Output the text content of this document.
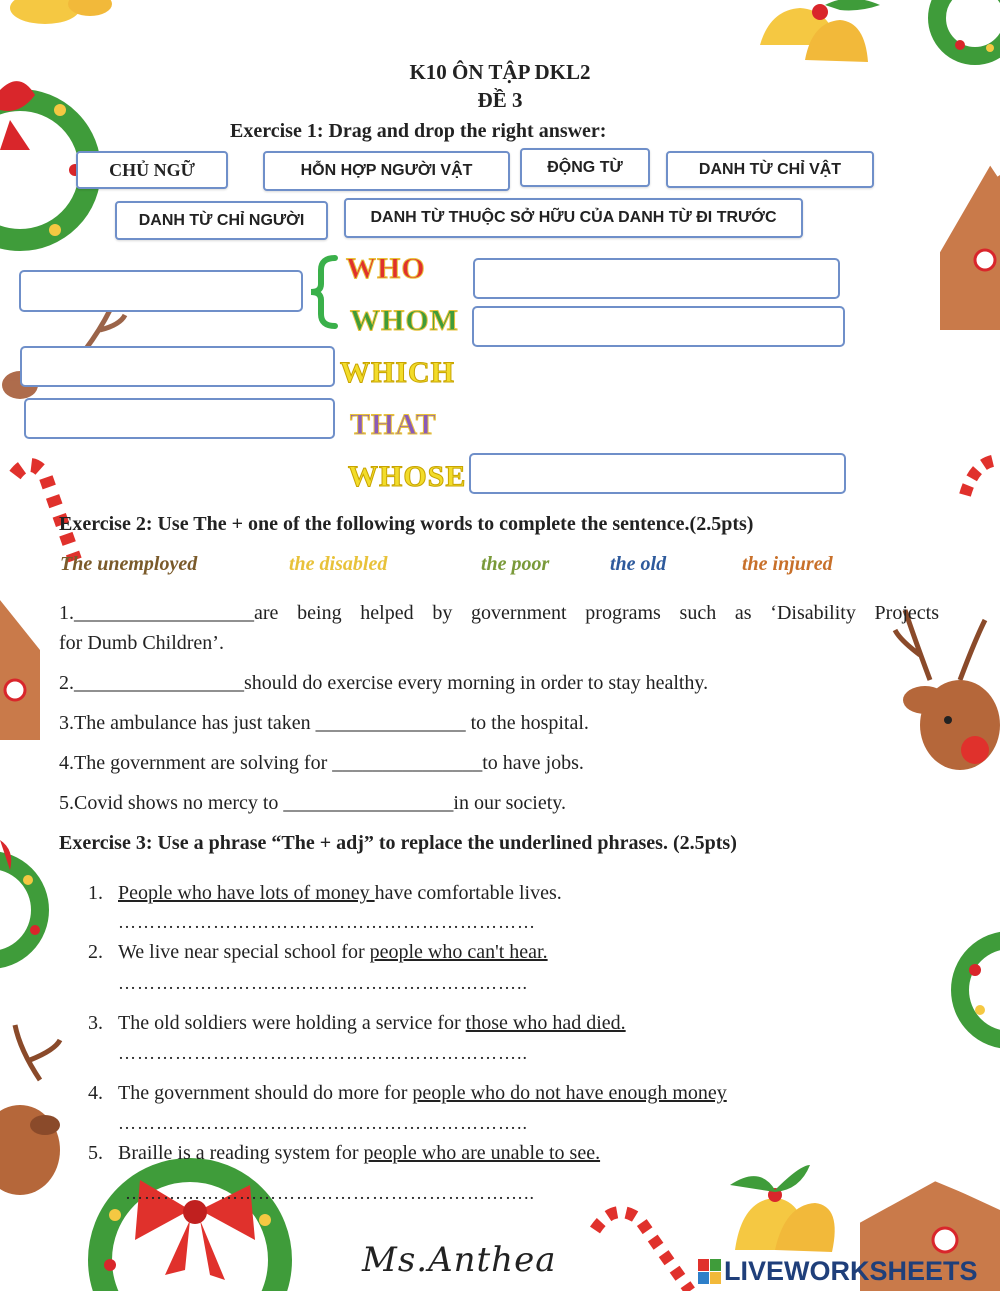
K10 ÔN TẬP DKL2
ĐỀ 3
Exercise 1: Drag and drop the right answer:
CHỦ NGỮ	HỖN HỢP NGƯỜI VẬT	ĐỘNG TỪ	DANH TỪ CHỈ VẬT
DANH TỪ CHỈ NGƯỜI	DANH TỪ THUỘC SỞ HỮU CỦA DANH TỪ ĐI TRƯỚC
WHO
WHOM
WHICH
THAT
WHOSE
Exercise 2: Use The + one of the following words to complete the sentence.(2.5pts)
The unemployed	the disabled	the poor	the old	the injured
1.__________________are being helped by government programs such as ‘Disability Projects
for Dumb Children’.
2._________________should do exercise every morning in order to stay healthy.
3.The ambulance has just taken _______________ to the hospital.
4.The government are solving for _______________to have jobs.
5.Covid shows no mercy to _________________in our society.
Exercise 3: Use a phrase “The + adj” to replace the underlined phrases. (2.5pts)
1. People who have lots of money have comfortable lives.
…………………………………………………………
2. We live near special school for people who can't hear.
………………………………………………………..
3. The old soldiers were holding a service for those who had died.
………………………………………………………..
4. The government should do more for people who do not have enough money
………………………………………………………..
5. Braille is a reading system for people who are unable to see.
………………………………………………………..
Ms.Anthea	LIVEWORKSHEETS
